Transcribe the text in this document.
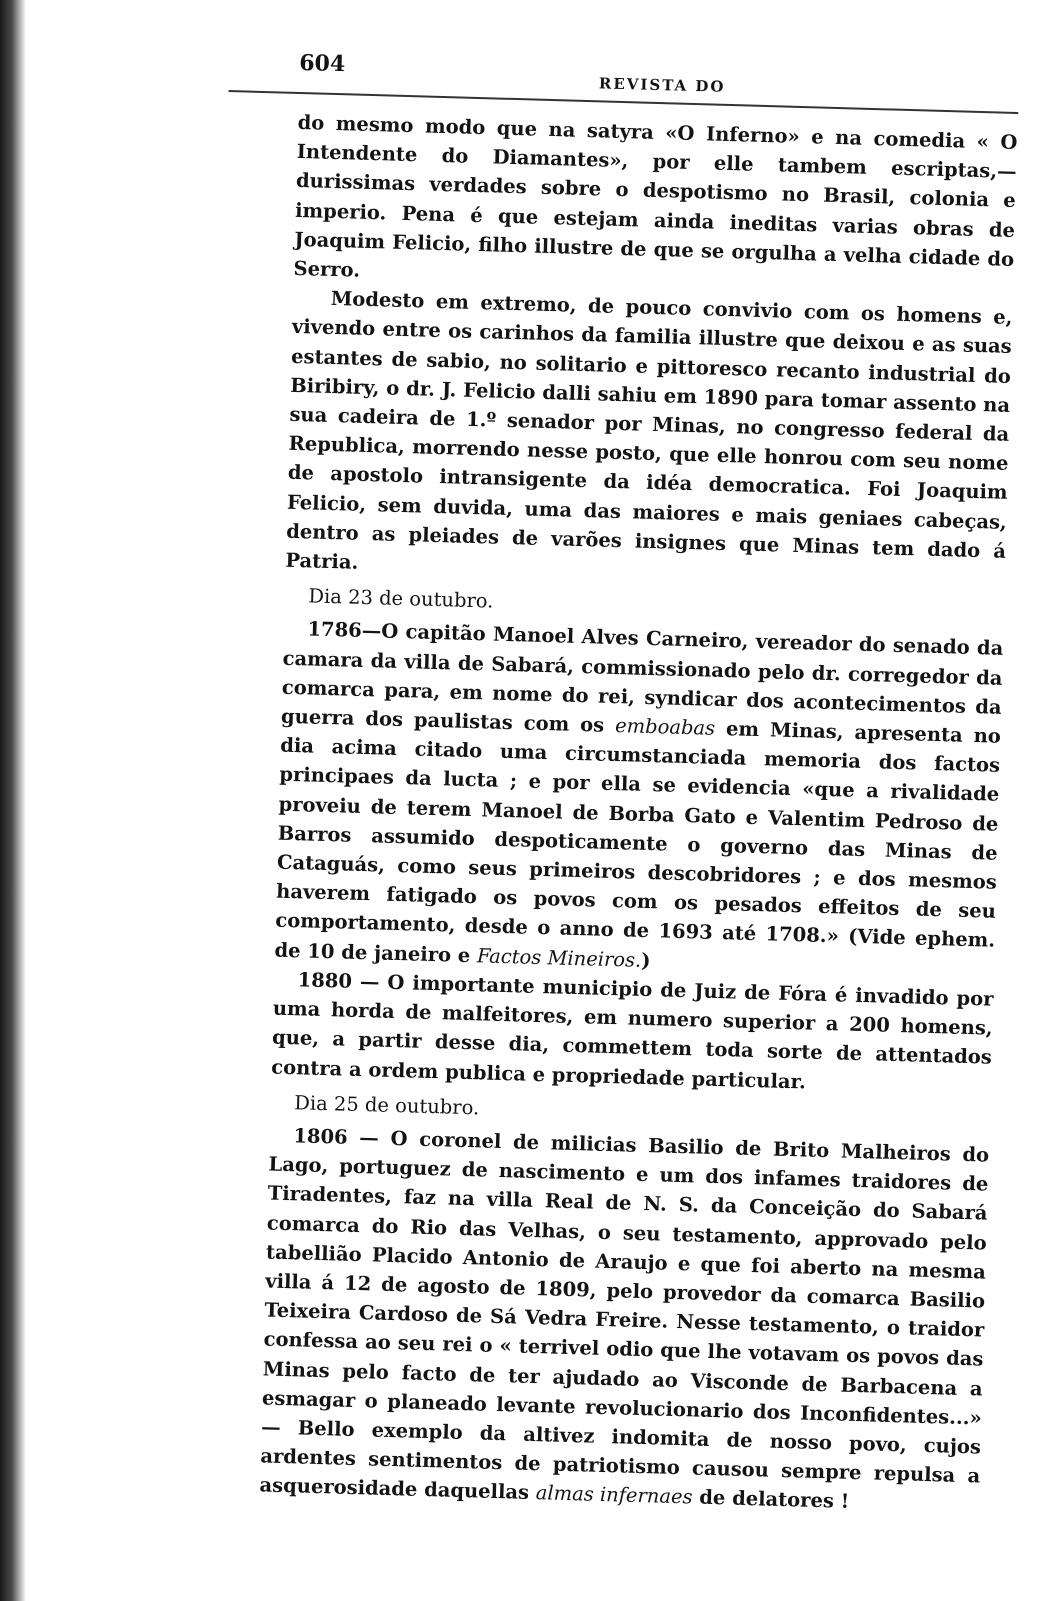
604
REVISTA DO

do mesmo modo que na satyra «O Inferno» e na comedia « O Intendente do Diamantes», por elle tambem escriptas,—durissimas verdades sobre o despotismo no Brasil, colonia e imperio. Pena é que estejam ainda ineditas varias obras de Joaquim Felicio, filho illustre de que se orgulha a velha cidade do Serro.

Modesto em extremo, de pouco convivio com os homens e, vivendo entre os carinhos da familia illustre que deixou e as suas estantes de sabio, no solitario e pittoresco recanto industrial do Biribiry, o dr. J. Felicio dalli sahiu em 1890 para tomar assento na sua cadeira de 1.º senador por Minas, no congresso federal da Republica, morrendo nesse posto, que elle honrou com seu nome de apostolo intransigente da idéa democratica. Foi Joaquim Felicio, sem duvida, uma das maiores e mais geniaes cabeças, dentro as pleiades de varões insignes que Minas tem dado á Patria.

Dia 23 de outubro.

1786—O capitão Manoel Alves Carneiro, vereador do senado da camara da villa de Sabará, commissionado pelo dr. corregedor da comarca para, em nome do rei, syndicar dos acontecimentos da guerra dos paulistas com os emboabas em Minas, apresenta no dia acima citado uma circumstanciada memoria dos factos principaes da lucta ; e por ella se evidencia «que a rivalidade proveiu de terem Manoel de Borba Gato e Valentim Pedroso de Barros assumido despoticamente o governo das Minas de Cataguás, como seus primeiros descobridores ; e dos mesmos haverem fatigado os povos com os pesados effeitos de seu comportamento, desde o anno de 1693 até 1708.» (Vide ephem. de 10 de janeiro e Factos Mineiros.)

1880 — O importante municipio de Juiz de Fóra é invadido por uma horda de malfeitores, em numero superior a 200 homens, que, a partir desse dia, commettem toda sorte de attentados contra a ordem publica e propriedade particular.

Dia 25 de outubro.

1806 — O coronel de milicias Basilio de Brito Malheiros do Lago, portuguez de nascimento e um dos infames traidores de Tiradentes, faz na villa Real de N. S. da Conceição do Sabará comarca do Rio das Velhas, o seu testamento, approvado pelo tabellião Placido Antonio de Araujo e que foi aberto na mesma villa á 12 de agosto de 1809, pelo provedor da comarca Basilio Teixeira Cardoso de Sá Vedra Freire. Nesse testamento, o traidor confessa ao seu rei o « terrivel odio que lhe votavam os povos das Minas pelo facto de ter ajudado ao Visconde de Barbacena a esmagar o planeado levante revolucionario dos Inconfidentes...» — Bello exemplo da altivez indomita de nosso povo, cujos ardentes sentimentos de patriotismo causou sempre repulsa a asquerosidade daquellas almas infernaes de delatores !
